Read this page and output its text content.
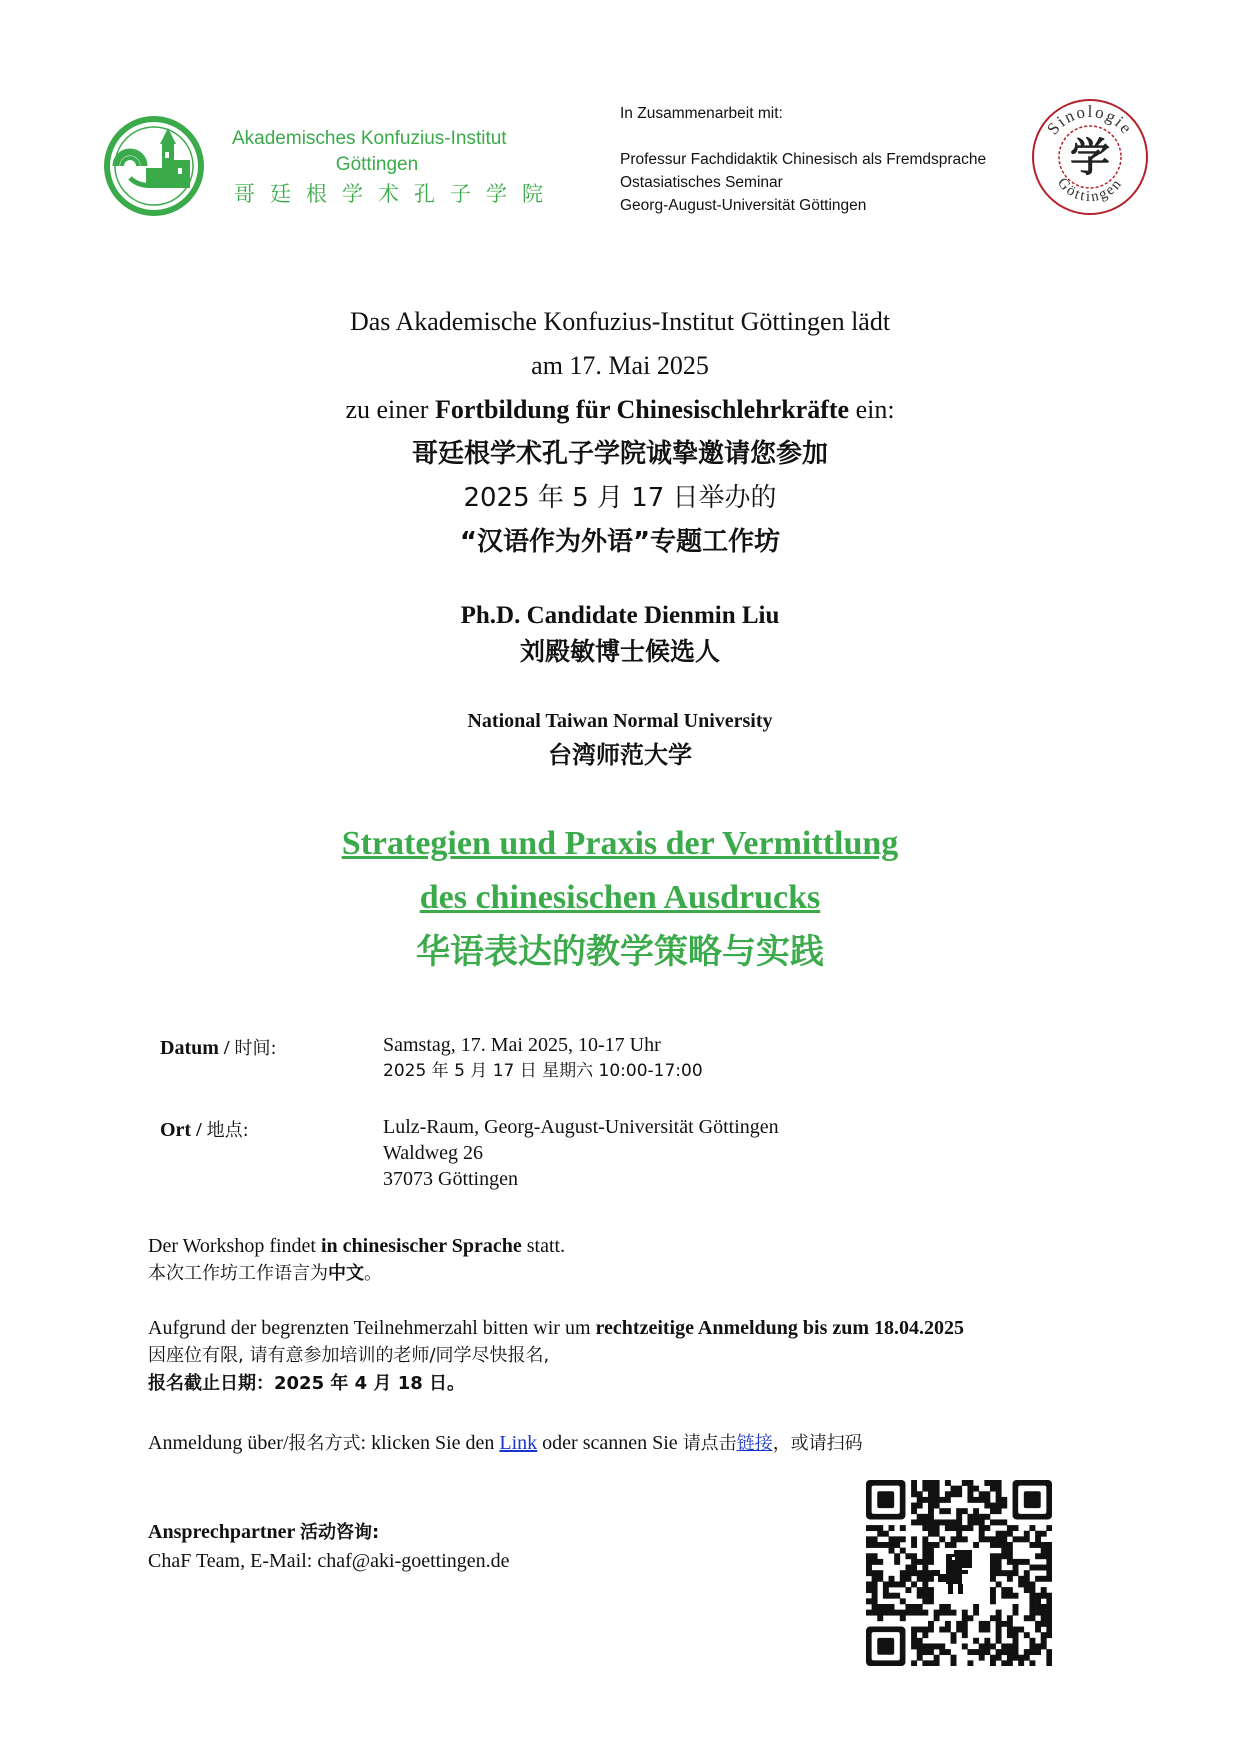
Akademisches Konfuzius-Institut
Göttingen
哥廷根学术孔子学院
In Zusammenarbeit mit:
Professur Fachdidaktik Chinesisch als Fremdsprache
Ostasiatisches Seminar
Georg-August-Universität Göttingen
Sinologie
Göttingen
学
Das Akademische Konfuzius-Institut Göttingen lädt
am 17. Mai 2025
zu einer Fortbildung für Chinesischlehrkräfte ein:
哥廷根学术孔子学院诚挚邀请您参加
2025 年 5 月 17 日举办的
“汉语作为外语”专题工作坊
Ph.D. Candidate Dienmin Liu
刘殿敏博士候选人
National Taiwan Normal University
台湾师范大学
Strategien und Praxis der Vermittlung
des chinesischen Ausdrucks
华语表达的教学策略与实践
Datum / 时间:	Samstag, 17. Mai 2025, 10-17 Uhr
2025 年 5 月 17 日 星期六 10:00-17:00
Ort / 地点:	Lulz-Raum, Georg-August-Universität Göttingen
Waldweg 26
37073 Göttingen
Der Workshop findet in chinesischer Sprache statt.
本次工作坊工作语言为中文。
Aufgrund der begrenzten Teilnehmerzahl bitten wir um rechtzeitige Anmeldung bis zum 18.04.2025
因座位有限, 请有意参加培训的老师/同学尽快报名,
报名截止日期：2025 年 4 月 18 日。
Anmeldung über/报名方式: klicken Sie den Link oder scannen Sie 请点击链接，或请扫码
Ansprechpartner 活动咨询:
ChaF Team, E-Mail: chaf@aki-goettingen.de
